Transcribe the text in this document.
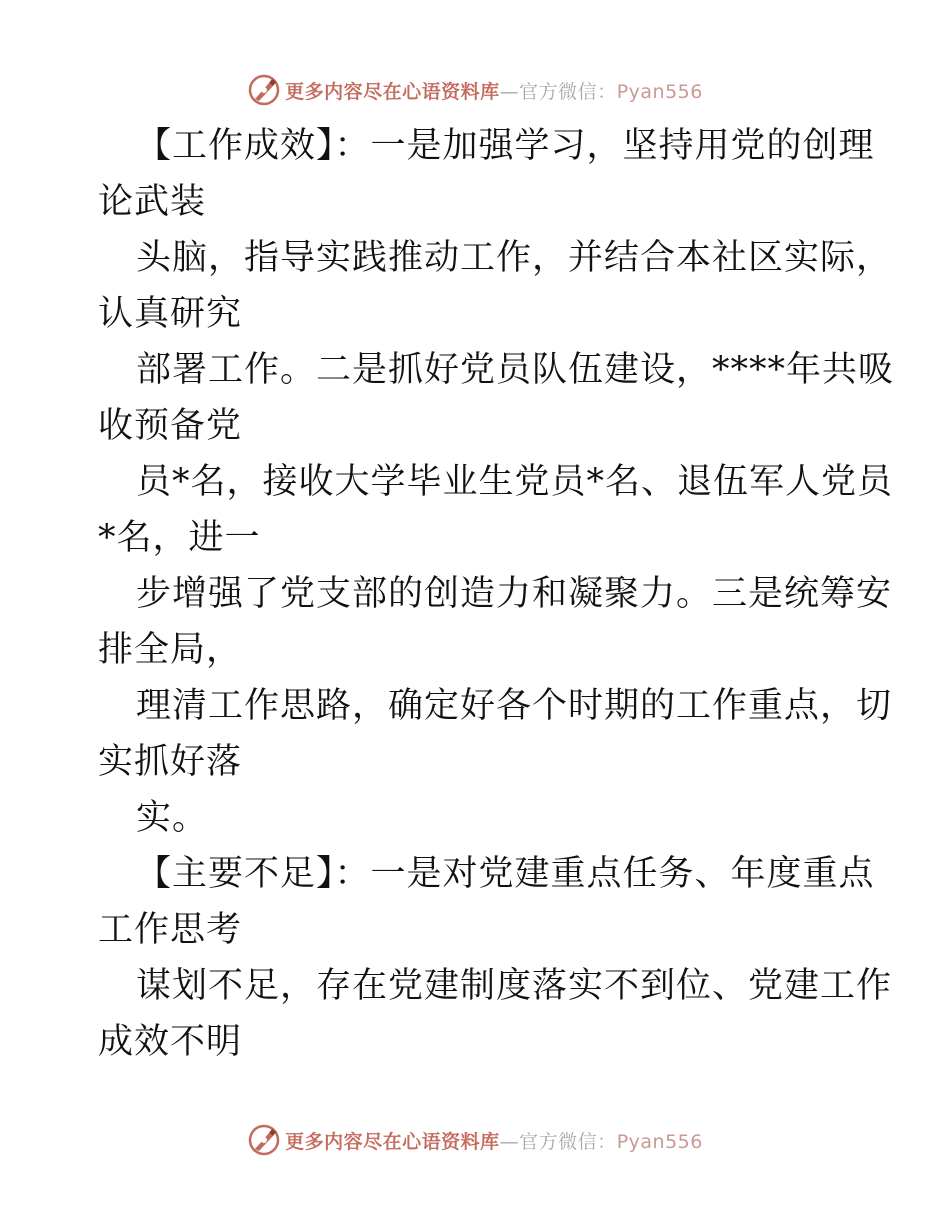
更多内容尽在心语资料库—官方微信：Pyan556
【工作成效】：一是加强学习，坚持用党的创理
论武装
头脑，指导实践推动工作，并结合本社区实际，
认真研究
部署工作。二是抓好党员队伍建设，****年共吸
收预备党
员*名，接收大学毕业生党员*名、退伍军人党员
*名，进一
步增强了党支部的创造力和凝聚力。三是统筹安
排全局，
理清工作思路，确定好各个时期的工作重点，切
实抓好落
实。
【主要不足】：一是对党建重点任务、年度重点
工作思考
谋划不足，存在党建制度落实不到位、党建工作
成效不明
更多内容尽在心语资料库—官方微信：Pyan556
